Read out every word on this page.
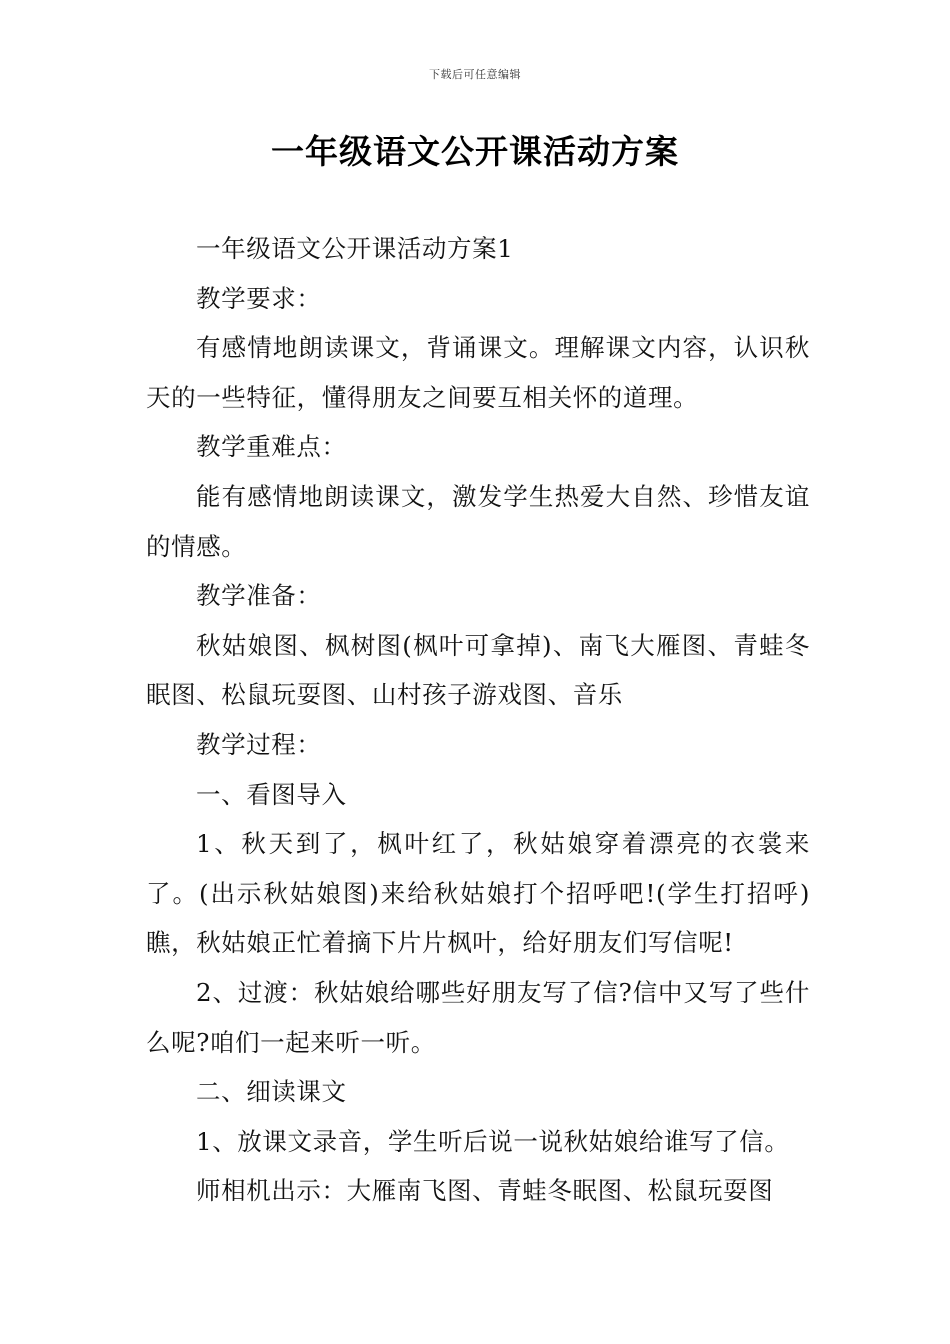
下载后可任意编辑
一年级语文公开课活动方案

一年级语文公开课活动方案1

教学要求：

有感情地朗读课文，背诵课文。理解课文内容，认识秋天的一些特征，懂得朋友之间要互相关怀的道理。

教学重难点：

能有感情地朗读课文，激发学生热爱大自然、珍惜友谊的情感。

教学准备：

秋姑娘图、枫树图(枫叶可拿掉)、南飞大雁图、青蛙冬眠图、松鼠玩耍图、山村孩子游戏图、音乐

教学过程：

一、看图导入

1、秋天到了，枫叶红了，秋姑娘穿着漂亮的衣裳来了。(出示秋姑娘图)来给秋姑娘打个招呼吧!(学生打招呼)瞧，秋姑娘正忙着摘下片片枫叶，给好朋友们写信呢!

2、过渡：秋姑娘给哪些好朋友写了信?信中又写了些什么呢?咱们一起来听一听。

二、细读课文

1、放课文录音，学生听后说一说秋姑娘给谁写了信。

师相机出示：大雁南飞图、青蛙冬眠图、松鼠玩耍图
